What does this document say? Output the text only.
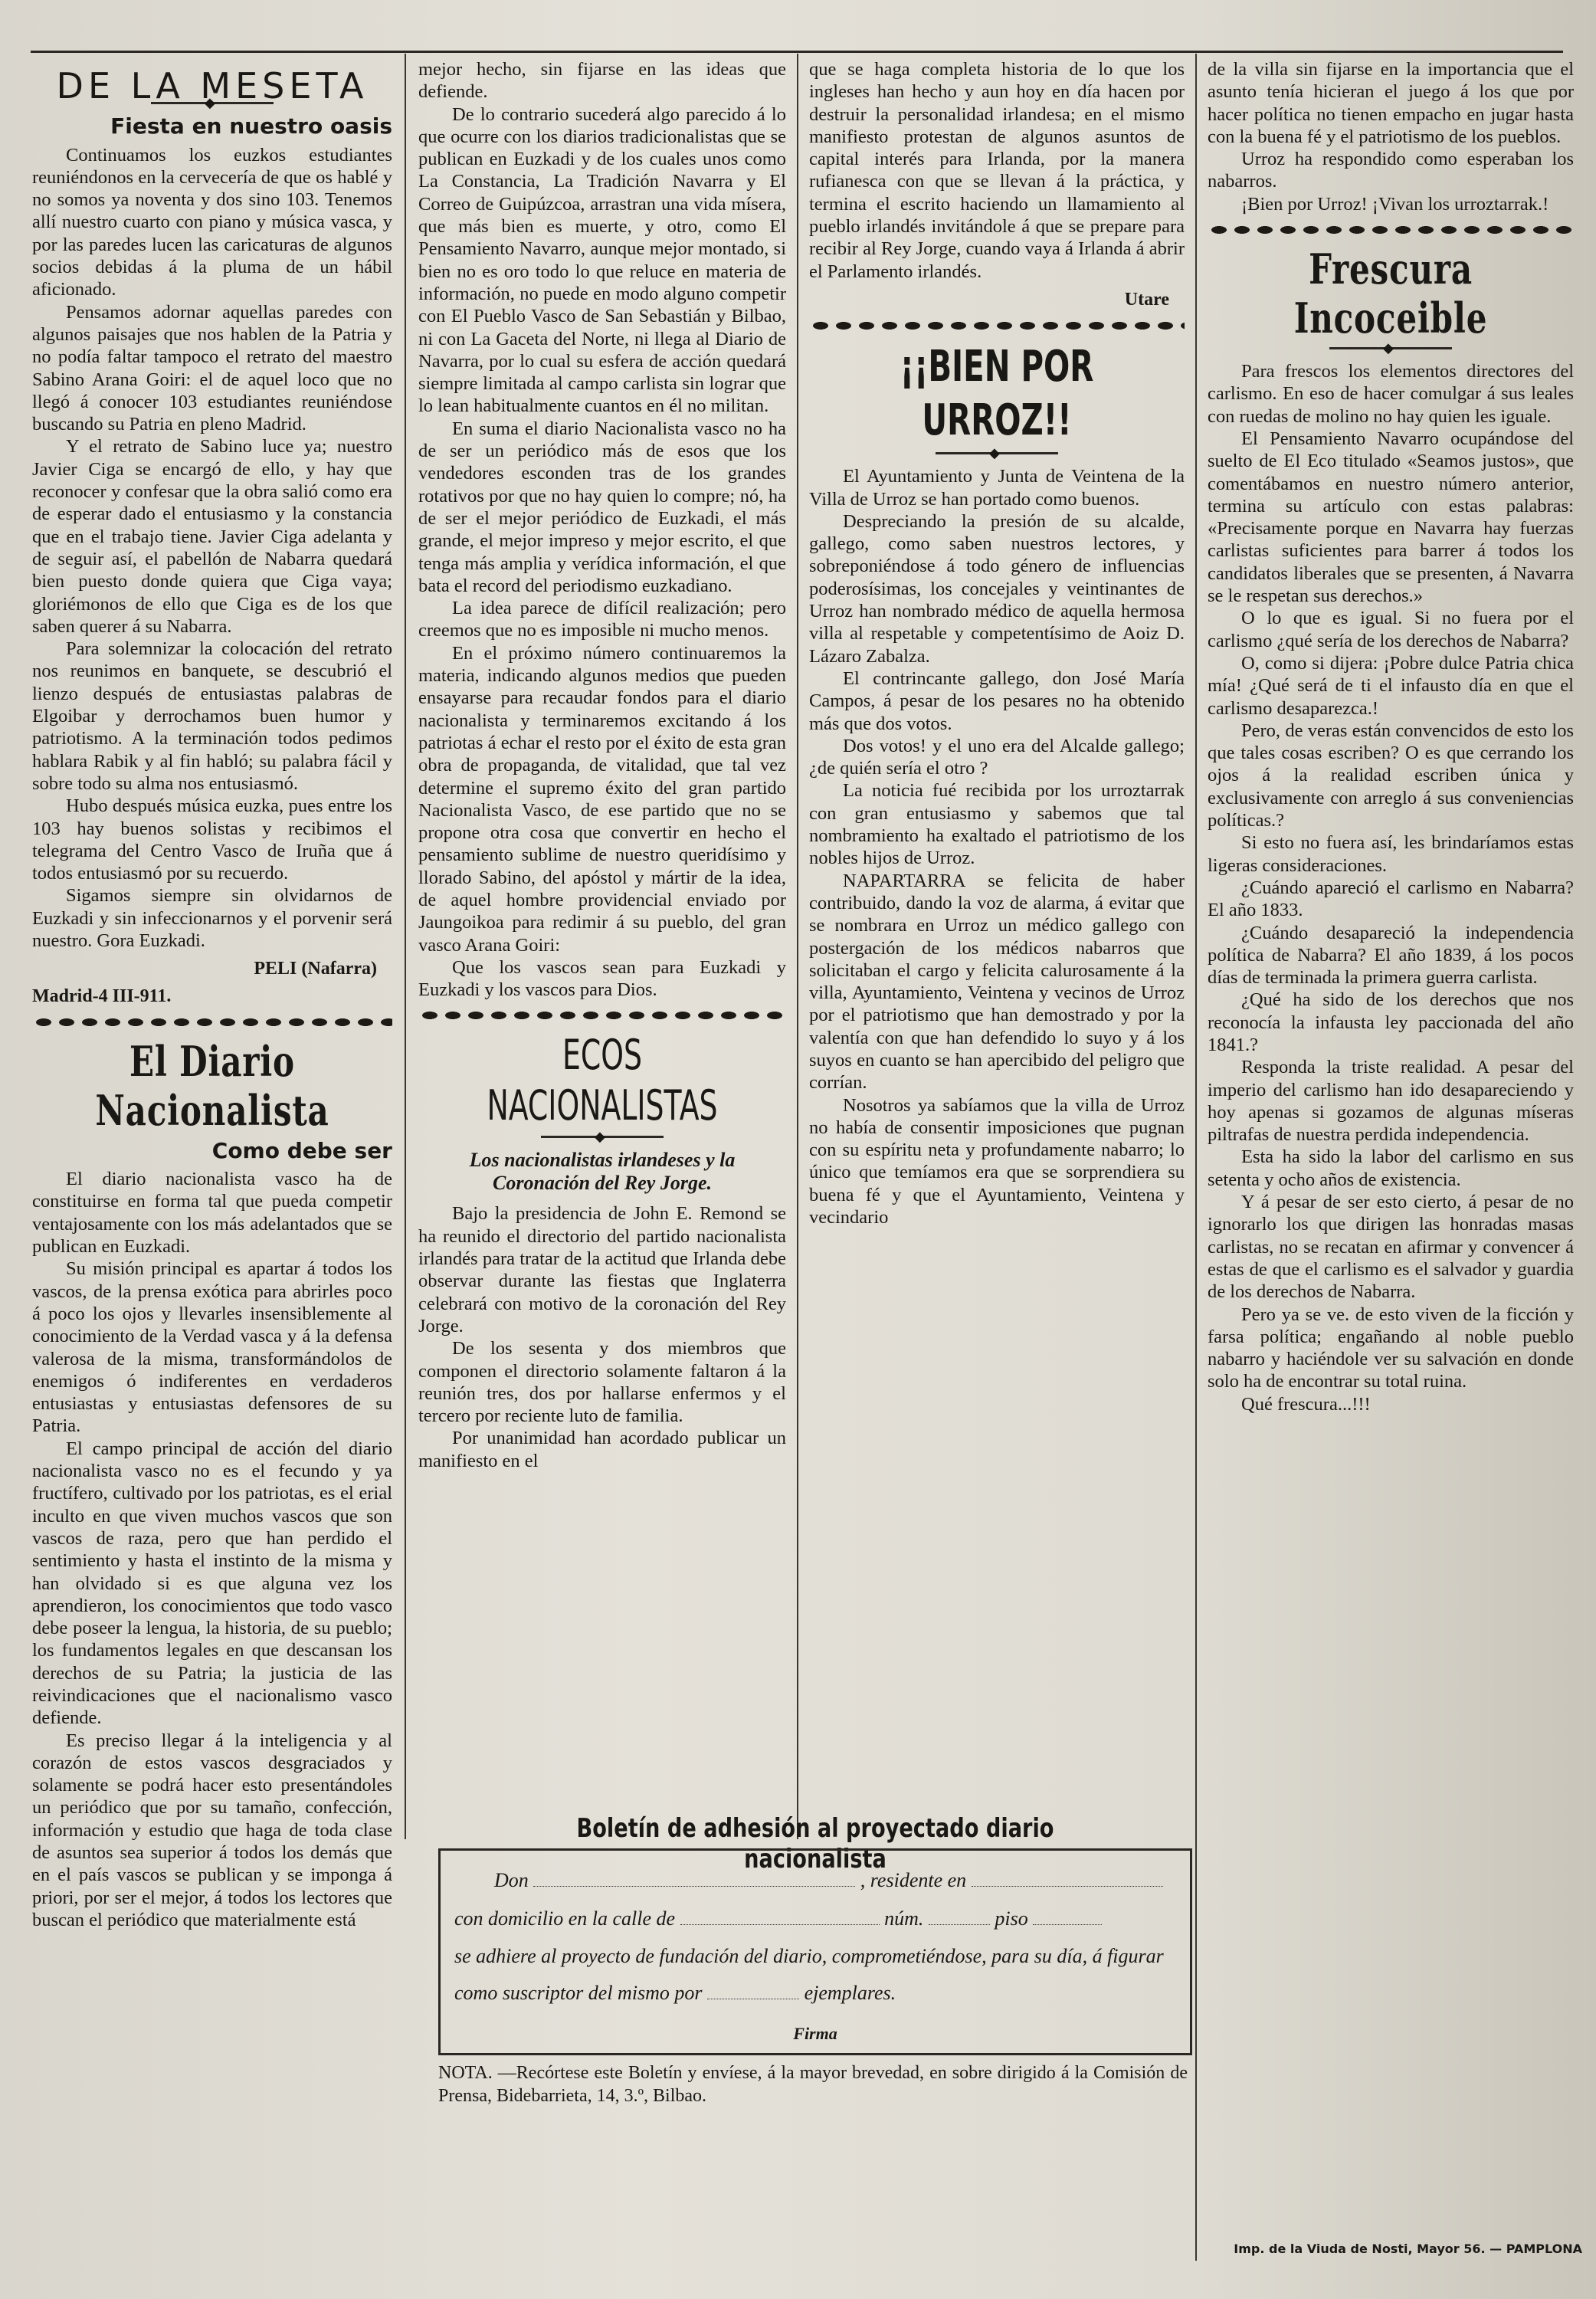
DE LA MESETA
◆
Fiesta en nuestro oasis

Continuamos los euzkos estudiantes reuniéndonos en la cervecería de que os hablé y no somos ya noventa y dos sino 103. Tenemos allí nuestro cuarto con piano y música vasca, y por las paredes lucen las caricaturas de algunos socios debidas á la pluma de un hábil aficionado.

Pensamos adornar aquellas paredes con algunos paisajes que nos hablen de la Patria y no podía faltar tampoco el retrato del maestro Sabino Arana Goiri: el de aquel loco que no llegó á conocer 103 estudiantes reuniéndose buscando su Patria en pleno Madrid.

Y el retrato de Sabino luce ya; nuestro Javier Ciga se encargó de ello, y hay que reconocer y confesar que la obra salió como era de esperar dado el entusiasmo y la constancia que en el trabajo tiene. Javier Ciga adelanta y de seguir así, el pabellón de Nabarra quedará bien puesto donde quiera que Ciga vaya; gloriémonos de ello que Ciga es de los que saben querer á su Nabarra.

Para solemnizar la colocación del retrato nos reunimos en banquete, se descubrió el lienzo después de entusiastas palabras de Elgoibar y derrochamos buen humor y patriotismo. A la terminación todos pedimos hablara Rabik y al fin habló; su palabra fácil y sobre todo su alma nos entusiasmó.

Hubo después música euzka, pues entre los 103 hay buenos solistas y recibimos el telegrama del Centro Vasco de Iruña que á todos entusiasmó por su recuerdo.

Sigamos siempre sin olvidarnos de Euzkadi y sin infeccionarnos y el porvenir será nuestro. Gora Euzkadi.

PELI (Nafarra)
Madrid-4 III-911.
El Diario Nacionalista
Como debe ser

El diario nacionalista vasco ha de constituirse en forma tal que pueda competir ventajosamente con los más adelantados que se publican en Euzkadi.

Su misión principal es apartar á todos los vascos, de la prensa exótica para abrirles poco á poco los ojos y llevarles insensiblemente al conocimiento de la Verdad vasca y á la defensa valerosa de la misma, transformándolos de enemigos ó indiferentes en verdaderos entusiastas y entusiastas defensores de su Patria.

El campo principal de acción del diario nacionalista vasco no es el fecundo y ya fructífero, cultivado por los patriotas, es el erial inculto en que viven muchos vascos que son vascos de raza, pero que han perdido el sentimiento y hasta el instinto de la misma y han olvidado si es que alguna vez los aprendieron, los conocimientos que todo vasco debe poseer la lengua, la historia, de su pueblo; los fundamentos legales en que descansan los derechos de su Patria; la justicia de las reivindicaciones que el nacionalismo vasco defiende.

Es preciso llegar á la inteligencia y al corazón de estos vascos desgraciados y solamente se podrá hacer esto presentándoles un periódico que por su tamaño, confección, información y estudio que haga de toda clase de asuntos sea superior á todos los demás que en el país vascos se publican y se imponga á priori, por ser el mejor, á todos los lectores que buscan el periódico que materialmente está

mejor hecho, sin fijarse en las ideas que defiende.

De lo contrario sucederá algo parecido á lo que ocurre con los diarios tradicionalistas que se publican en Euzkadi y de los cuales unos como La Constancia, La Tradición Navarra y El Correo de Guipúzcoa, arrastran una vida mísera, que más bien es muerte, y otro, como El Pensamiento Navarro, aunque mejor montado, si bien no es oro todo lo que reluce en materia de información, no puede en modo alguno competir con El Pueblo Vasco de San Sebastián y Bilbao, ni con La Gaceta del Norte, ni llega al Diario de Navarra, por lo cual su esfera de acción quedará siempre limitada al campo carlista sin lograr que lo lean habitualmente cuantos en él no militan.

En suma el diario Nacionalista vasco no ha de ser un periódico más de esos que los vendedores esconden tras de los grandes rotativos por que no hay quien lo compre; nó, ha de ser el mejor periódico de Euzkadi, el más grande, el mejor impreso y mejor escrito, el que tenga más amplia y verídica información, el que bata el record del periodismo euzkadiano.

La idea parece de difícil realización; pero creemos que no es imposible ni mucho menos.

En el próximo número continuaremos la materia, indicando algunos medios que pueden ensayarse para recaudar fondos para el diario nacionalista y terminaremos excitando á los patriotas á echar el resto por el éxito de esta gran obra de propaganda, de vitalidad, que tal vez determine el supremo éxito del gran partido Nacionalista Vasco, de ese partido que no se propone otra cosa que convertir en hecho el pensamiento sublime de nuestro queridísimo y llorado Sabino, del apóstol y mártir de la idea, de aquel hombre providencial enviado por Jaungoikoa para redimir á su pueblo, del gran vasco Arana Goiri:

Que los vascos sean para Euzkadi y Euzkadi y los vascos para Dios.

ECOS NACIONALISTAS
◆
Los nacionalistas irlandeses y la Coronación del Rey Jorge.

Bajo la presidencia de John E. Remond se ha reunido el directorio del partido nacionalista irlandés para tratar de la actitud que Irlanda debe observar durante las fiestas que Inglaterra celebrará con motivo de la coronación del Rey Jorge.

De los sesenta y dos miembros que componen el directorio solamente faltaron á la reunión tres, dos por hallarse enfermos y el tercero por reciente luto de familia.

Por unanimidad han acordado publicar un manifiesto en el

que se haga completa historia de lo que los ingleses han hecho y aun hoy en día hacen por destruir la personalidad irlandesa; en el mismo manifiesto protestan de algunos asuntos de capital interés para Irlanda, por la manera rufianesca con que se llevan á la práctica, y termina el escrito haciendo un llamamiento al pueblo irlandés invitándole á que se prepare para recibir al Rey Jorge, cuando vaya á Irlanda á abrir el Parlamento irlandés.

Utare
¡¡BIEN POR URROZ!!
◆

El Ayuntamiento y Junta de Veintena de la Villa de Urroz se han portado como buenos.

Despreciando la presión de su alcalde, gallego, como saben nuestros lectores, y sobreponiéndose á todo género de influencias poderosísimas, los concejales y veintinantes de Urroz han nombrado médico de aquella hermosa villa al respetable y competentísimo de Aoiz D. Lázaro Zabalza.

El contrincante gallego, don José María Campos, á pesar de los pesares no ha obtenido más que dos votos.

Dos votos! y el uno era del Alcalde gallego; ¿de quién sería el otro ?

La noticia fué recibida por los urroztarrak con gran entusiasmo y sabemos que tal nombramiento ha exaltado el patriotismo de los nobles hijos de Urroz.

NAPARTARRA se felicita de haber contribuido, dando la voz de alarma, á evitar que se nombrara en Urroz un médico gallego con postergación de los médicos nabarros que solicitaban el cargo y felicita calurosamente á la villa, Ayuntamiento, Veintena y vecinos de Urroz por el patriotismo que han demostrado y por la valentía con que han defendido lo suyo y á los suyos en cuanto se han apercibido del peligro que corrían.

Nosotros ya sabíamos que la villa de Urroz no había de consentir imposiciones que pugnan con su espíritu neta y profundamente nabarro; lo único que temíamos era que se sorprendiera su buena fé y que el Ayuntamiento, Veintena y vecindario

de la villa sin fijarse en la importancia que el asunto tenía hicieran el juego á los que por hacer política no tienen empacho en jugar hasta con la buena fé y el patriotismo de los pueblos.

Urroz ha respondido como esperaban los nabarros.

¡Bien por Urroz! ¡Vivan los urroztarrak.!

Frescura Incoceible
◆

Para frescos los elementos directores del carlismo. En eso de hacer comulgar á sus leales con ruedas de molino no hay quien les iguale.

El Pensamiento Navarro ocupándose del suelto de El Eco titulado «Seamos justos», que comentábamos en nuestro número anterior, termina su artículo con estas palabras: «Precisamente porque en Navarra hay fuerzas carlistas suficientes para barrer á todos los candidatos liberales que se presenten, á Navarra se le respetan sus derechos.»

O lo que es igual. Si no fuera por el carlismo ¿qué sería de los derechos de Nabarra?

O, como si dijera: ¡Pobre dulce Patria chica mía! ¿Qué será de ti el infausto día en que el carlismo desaparezca.!

Pero, de veras están convencidos de esto los que tales cosas escriben? O es que cerrando los ojos á la realidad escriben única y exclusivamente con arreglo á sus conveniencias políticas.?

Si esto no fuera así, les brindaríamos estas ligeras consideraciones.

¿Cuándo apareció el carlismo en Nabarra? El año 1833.

¿Cuándo desapareció la independencia política de Nabarra? El año 1839, á los pocos días de terminada la primera guerra carlista.

¿Qué ha sido de los derechos que nos reconocía la infausta ley paccionada del año 1841.?

Responda la triste realidad. A pesar del imperio del carlismo han ido desapareciendo y hoy apenas si gozamos de algunas míseras piltrafas de nuestra perdida independencia.

Esta ha sido la labor del carlismo en sus setenta y ocho años de existencia.

Y á pesar de ser esto cierto, á pesar de no ignorarlo los que dirigen las honradas masas carlistas, no se recatan en afirmar y convencer á estas de que el carlismo es el salvador y guardia de los derechos de Nabarra.

Pero ya se ve. de esto viven de la ficción y farsa política; engañando al noble pueblo nabarro y haciéndole ver su salvación en donde solo ha de encontrar su total ruina.

Qué frescura...!!!

Boletín de adhesión al proyectado diario nacionalista
Don	, residente en
con domicilio en la calle de	núm.	piso
se adhiere al proyecto de fundación del diario, comprometiéndose, para su día, á figurar como suscriptor del mismo por	ejemplares.
Firma
NOTA. —Recórtese este Boletín y envíese, á la mayor brevedad, en sobre dirigido á la Comisión de Prensa, Bidebarrieta, 14, 3.º, Bilbao.
Imp. de la Viuda de Nosti, Mayor 56. — PAMPLONA
